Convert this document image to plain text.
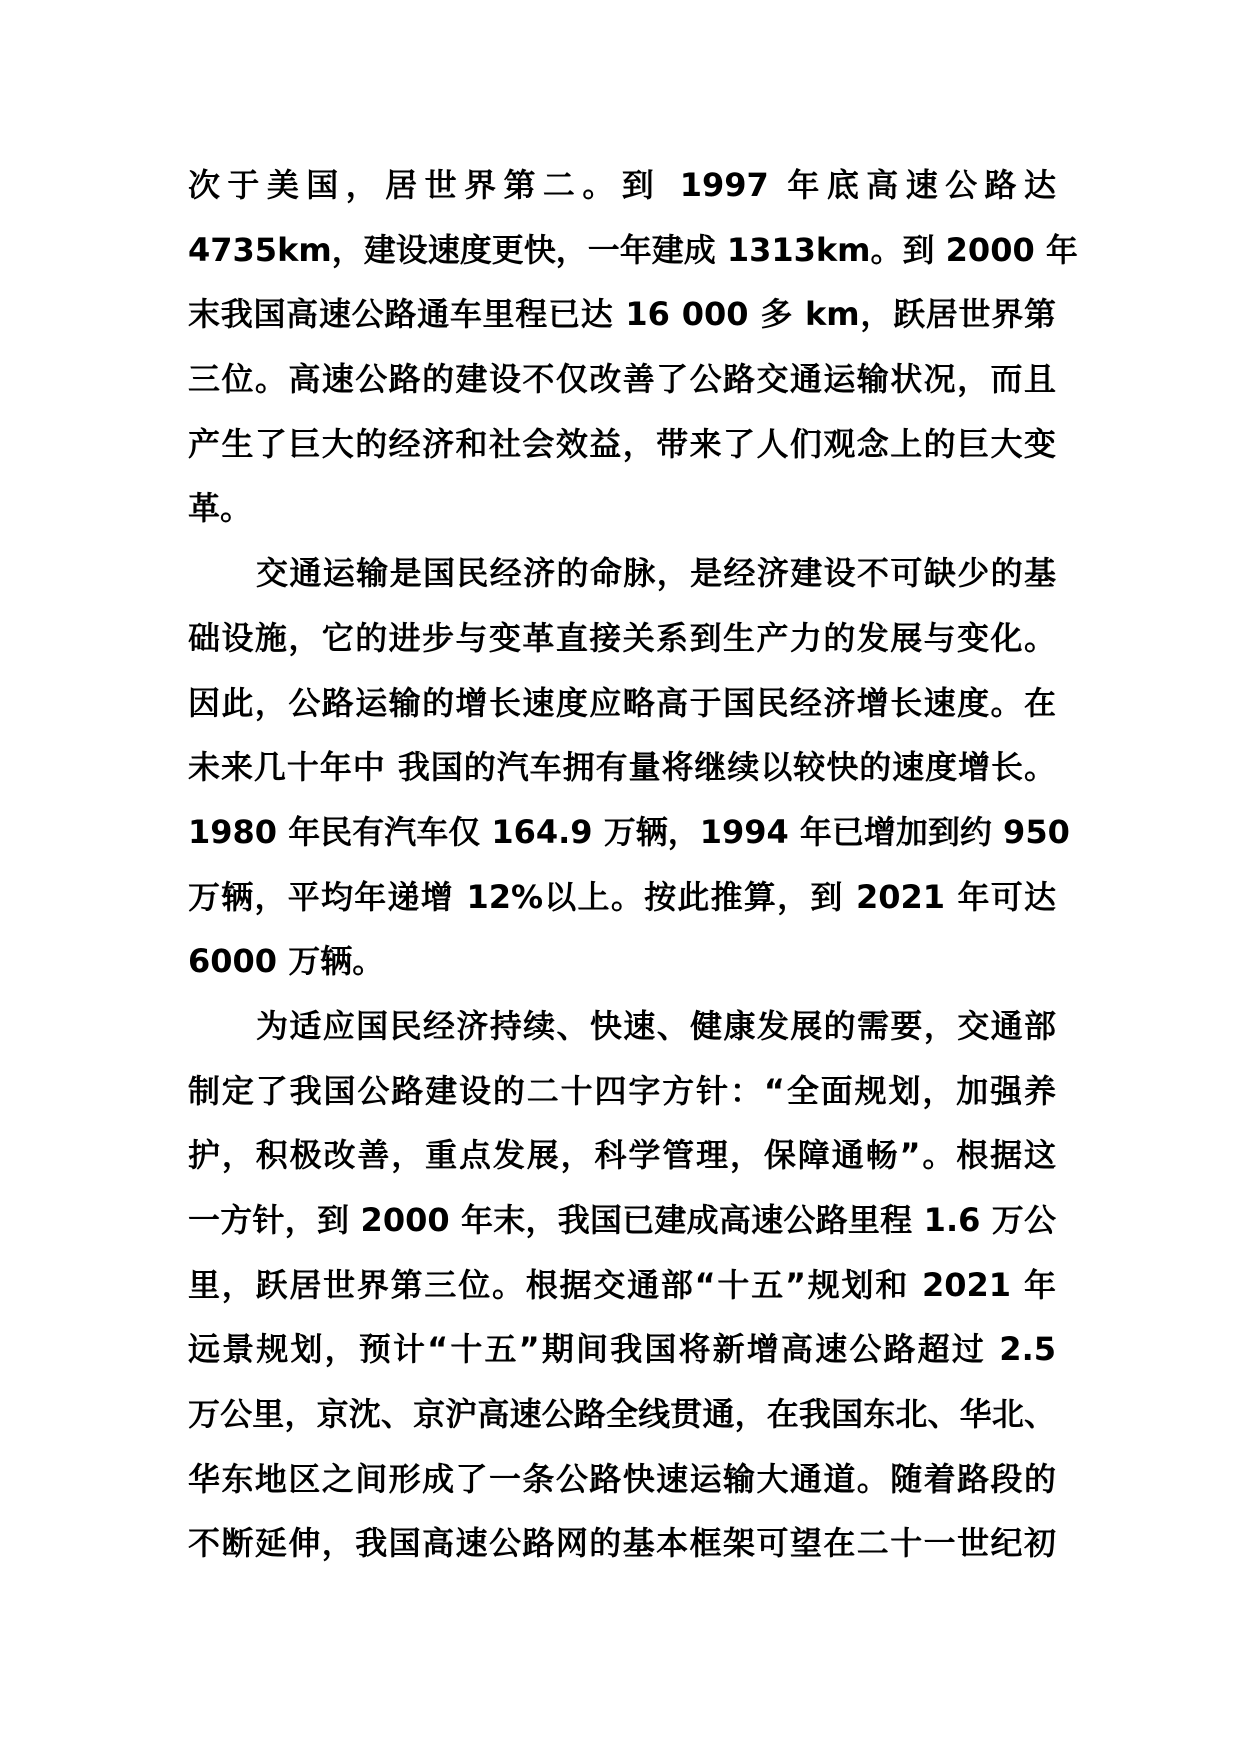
次于美国，居世界第二。到 1997 年底高速公路达
4735km，建设速度更快，一年建成 1313km。到 2000 年
末我国高速公路通车里程已达 16 000 多 km，跃居世界第
三位。高速公路的建设不仅改善了公路交通运输状况，而且
产生了巨大的经济和社会效益，带来了人们观念上的巨大变
革。
交通运输是国民经济的命脉，是经济建设不可缺少的基
础设施，它的进步与变革直接关系到生产力的发展与变化。
因此，公路运输的增长速度应略高于国民经济增长速度。在
未来几十年中 我国的汽车拥有量将继续以较快的速度增长。
1980 年民有汽车仅 164.9 万辆，1994 年已增加到约 950
万辆，平均年递增 12%以上。按此推算，到 2021 年可达
6000 万辆。
为适应国民经济持续、快速、健康发展的需要，交通部
制定了我国公路建设的二十四字方针：“全面规划，加强养
护，积极改善，重点发展，科学管理，保障通畅”。根据这
一方针，到 2000 年末，我国已建成高速公路里程 1.6 万公
里，跃居世界第三位。根据交通部“十五”规划和 2021 年
远景规划，预计“十五”期间我国将新增高速公路超过 2.5
万公里，京沈、京沪高速公路全线贯通，在我国东北、华北、
华东地区之间形成了一条公路快速运输大通道。随着路段的
不断延伸，我国高速公路网的基本框架可望在二十一世纪初
